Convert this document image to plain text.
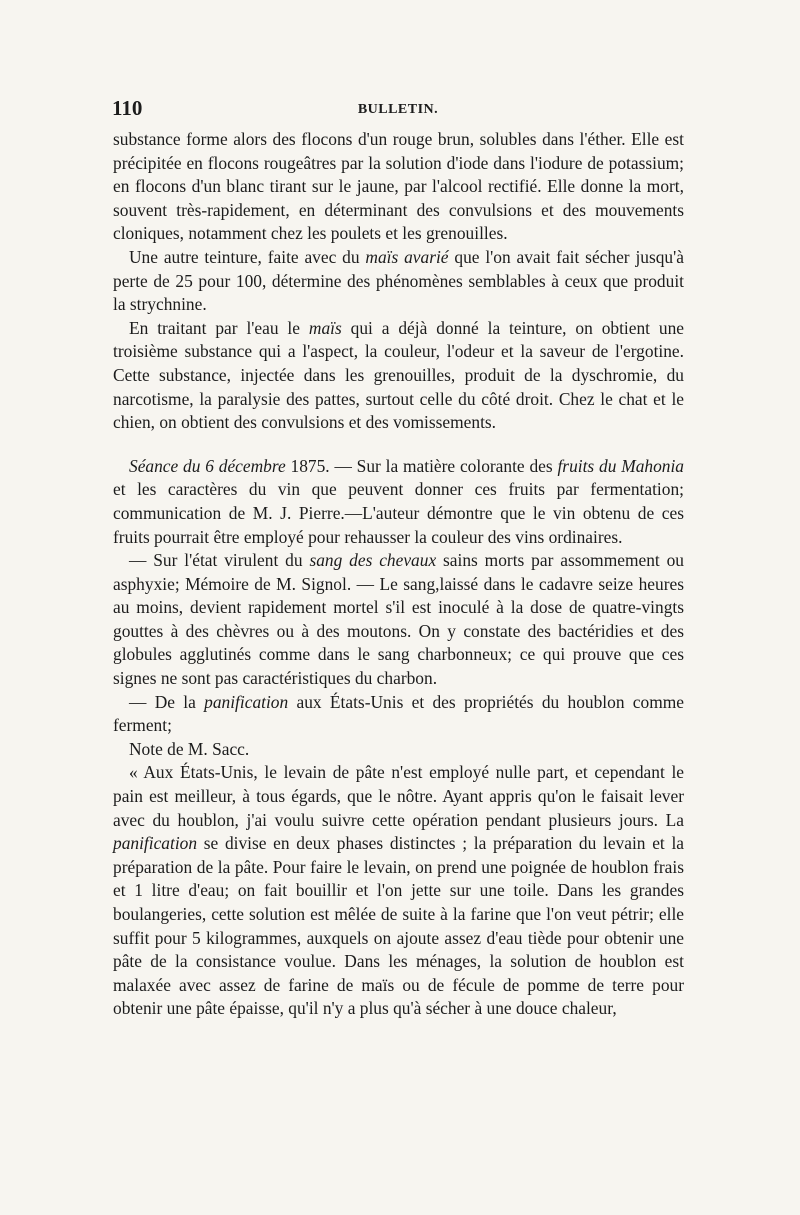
110	BULLETIN.

substance forme alors des flocons d'un rouge brun, solubles dans l'éther. Elle est précipitée en flocons rougeâtres par la solution d'iode dans l'iodure de potassium; en flocons d'un blanc tirant sur le jaune, par l'alcool rectifié. Elle donne la mort, souvent très-rapidement, en déterminant des convulsions et des mouvements cloniques, notamment chez les poulets et les grenouilles.

Une autre teinture, faite avec du maïs avarié que l'on avait fait sécher jusqu'à perte de 25 pour 100, détermine des phénomènes semblables à ceux que produit la strychnine.

En traitant par l'eau le maïs qui a déjà donné la teinture, on obtient une troisième substance qui a l'aspect, la couleur, l'odeur et la saveur de l'ergotine. Cette substance, injectée dans les grenouilles, produit de la dyschromie, du narcotisme, la paralysie des pattes, surtout celle du côté droit. Chez le chat et le chien, on obtient des convulsions et des vomissements.

Séance du 6 décembre 1875. — Sur la matière colorante des fruits du Mahonia et les caractères du vin que peuvent donner ces fruits par fermentation; communication de M. J. Pierre.—L'auteur démontre que le vin obtenu de ces fruits pourrait être employé pour rehausser la couleur des vins ordinaires.

— Sur l'état virulent du sang des chevaux sains morts par assommement ou asphyxie; Mémoire de M. Signol. — Le sang,laissé dans le cadavre seize heures au moins, devient rapidement mortel s'il est inoculé à la dose de quatre-vingts gouttes à des chèvres ou à des moutons. On y constate des bactéridies et des globules agglutinés comme dans le sang charbonneux; ce qui prouve que ces signes ne sont pas caractéristiques du charbon.

— De la panification aux États-Unis et des propriétés du houblon comme ferment;

Note de M. Sacc.

« Aux États-Unis, le levain de pâte n'est employé nulle part, et cependant le pain est meilleur, à tous égards, que le nôtre. Ayant appris qu'on le faisait lever avec du houblon, j'ai voulu suivre cette opération pendant plusieurs jours. La panification se divise en deux phases distinctes ; la préparation du levain et la préparation de la pâte. Pour faire le levain, on prend une poignée de houblon frais et 1 litre d'eau; on fait bouillir et l'on jette sur une toile. Dans les grandes boulangeries, cette solution est mêlée de suite à la farine que l'on veut pétrir; elle suffit pour 5 kilogrammes, auxquels on ajoute assez d'eau tiède pour obtenir une pâte de la consistance voulue. Dans les ménages, la solution de houblon est malaxée avec assez de farine de maïs ou de fécule de pomme de terre pour obtenir une pâte épaisse, qu'il n'y a plus qu'à sécher à une douce chaleur,
